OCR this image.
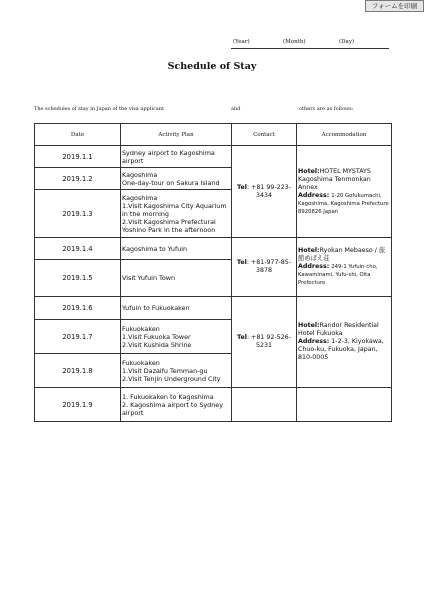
フォームを印刷
(Year)	(Month)	(Day)
Schedule of Stay
The schedules of stay in Japan of the visa applicant	and	others are as follows:
Date	Activity Plan	Contact	Accommodation
2019.1.1	Sydney airport to Kagoshima airport	Tel: +81 99-223-3434	Hotel:HOTEL MYSTAYS Kagoshima Tenmonkan Annex
Address: 1-20 Gofukumachi, Kagoshima, Kagoshima Prefecture 8920826 Japan
2019.1.2	Kagoshima
One-day-tour on Sakura Island		

2019.1.3	Kagoshima
1.Visit Kagoshima City Aquarium in the morning
2.Visit Kagoshima Prefectural Yoshino Park in the afternoon		
2019.1.4	Kagoshima to Yufuin	Tel: +81-977-85-3878	Hotel:Ryokan Mebaeso / 旅館めばえ荘
Address: 249-1 Yufuin-cho, Kawaminami, Yufu-shi, Oita Prefecture
2019.1.5	Visit Yufuin Town		
2019.1.6	Yufuin to Fukuokaken	Tel: +81 92-526-5231	Hotel:Randor Residential Hotel Fukuoka
Address: 1-2-3, Kiyokawa, Chuo-ku, Fukuoka, Japan, 810-0005
2019.1.7	Fukuokaken
1.Visit Fukuoka Tower
2.Visit Kushida Shrine		

2019.1.8	Fukuokaken
1.Visit Dazaifu Temman-gu
2.Visit Tenjin Underground City		

2019.1.9	1. Fukuokaken to Kagoshima
2. Kagoshima airport to Sydney airport		
